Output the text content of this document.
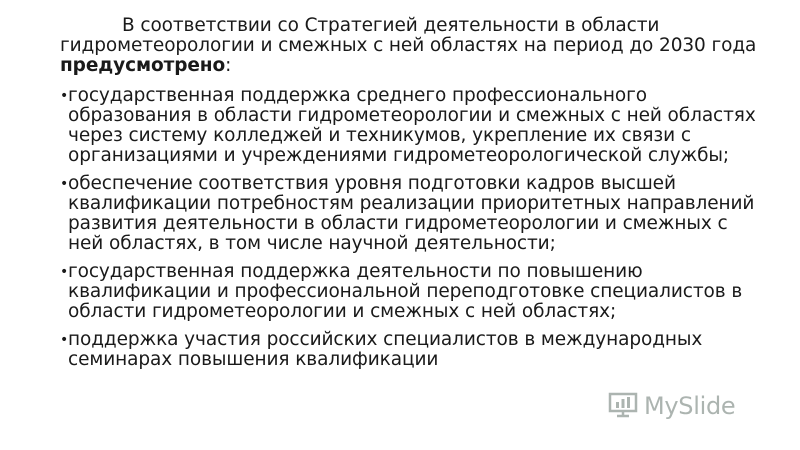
В соответствии со Стратегией деятельности в области гидрометеорологии и смежных с ней областях на период до 2030 года предусмотрено:

• государственная поддержка среднего профессионального образования в области гидрометеорологии и смежных с ней областях через систему колледжей и техникумов, укрепление их связи с организациями и учреждениями гидрометеорологической службы;
• обеспечение соответствия уровня подготовки кадров высшей квалификации потребностям реализации приоритетных направлений развития деятельности в области гидрометеорологии и смежных с ней областях, в том числе научной деятельности;
• государственная поддержка деятельности по повышению квалификации и профессиональной переподготовке специалистов в области гидрометеорологии и смежных с ней областях;
• поддержка участия российских специалистов в международных семинарах повышения квалификации
MySlide
